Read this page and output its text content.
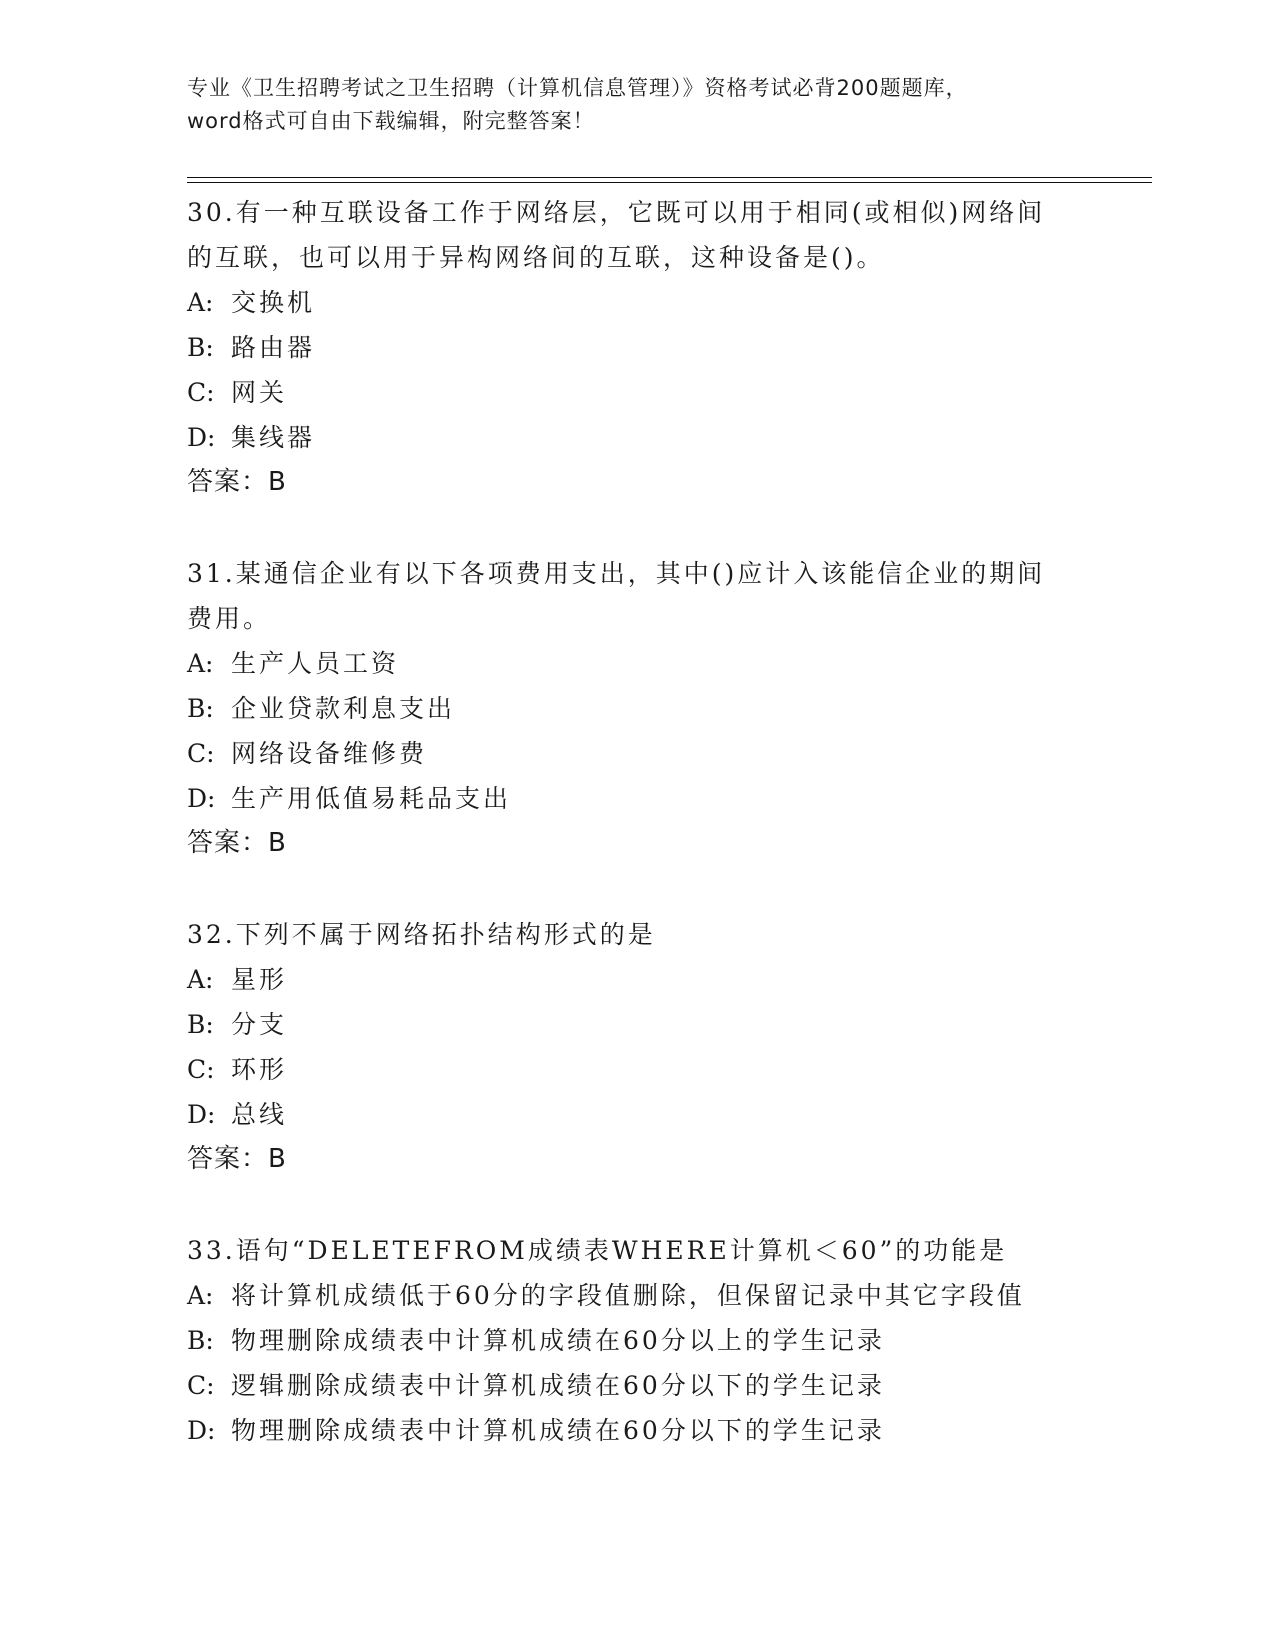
专业《卫生招聘考试之卫生招聘（计算机信息管理）》资格考试必背200题题库，
word格式可自由下载编辑，附完整答案！
30.有一种互联设备工作于网络层，它既可以用于相同(或相似)网络间
的互联，也可以用于异构网络间的互联，这种设备是()。
A: 交换机
B: 路由器
C: 网关
D: 集线器
答案：B
31.某通信企业有以下各项费用支出，其中()应计入该能信企业的期间
费用。
A: 生产人员工资
B: 企业贷款利息支出
C: 网络设备维修费
D: 生产用低值易耗品支出
答案：B
32.下列不属于网络拓扑结构形式的是
A: 星形
B: 分支
C: 环形
D: 总线
答案：B
33.语句“DELETEFROM成绩表WHERE计算机＜60”的功能是
A: 将计算机成绩低于60分的字段值删除，但保留记录中其它字段值
B: 物理删除成绩表中计算机成绩在60分以上的学生记录
C: 逻辑删除成绩表中计算机成绩在60分以下的学生记录
D: 物理删除成绩表中计算机成绩在60分以下的学生记录
